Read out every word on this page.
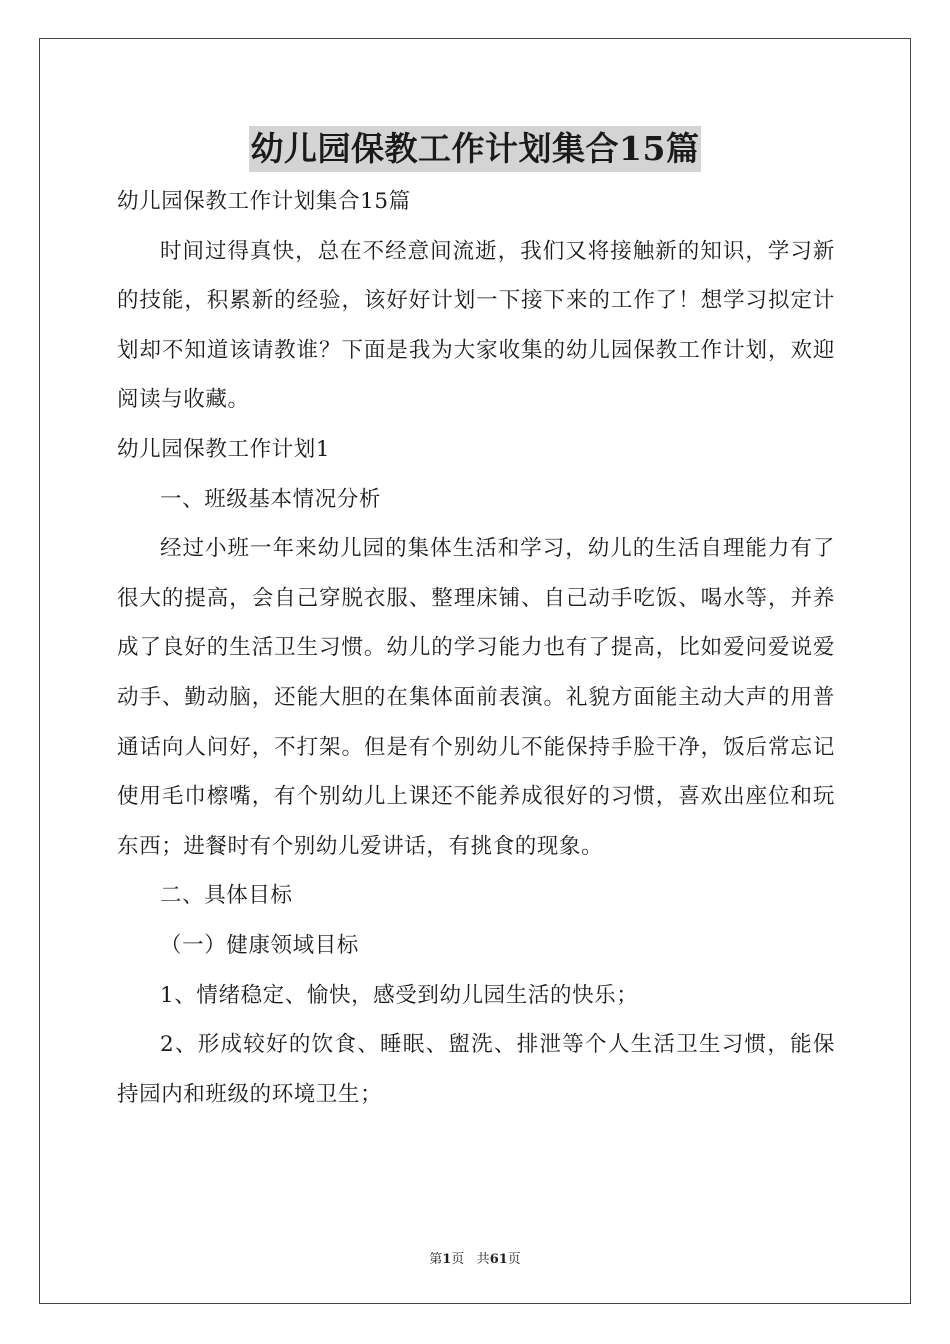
幼儿园保教工作计划集合15篇

幼儿园保教工作计划集合15篇

时间过得真快，总在不经意间流逝，我们又将接触新的知识，学习新的技能，积累新的经验，该好好计划一下接下来的工作了！想学习拟定计划却不知道该请教谁？下面是我为大家收集的幼儿园保教工作计划，欢迎阅读与收藏。

幼儿园保教工作计划1

一、班级基本情况分析

经过小班一年来幼儿园的集体生活和学习，幼儿的生活自理能力有了很大的提高，会自己穿脱衣服、整理床铺、自己动手吃饭、喝水等，并养成了良好的生活卫生习惯。幼儿的学习能力也有了提高，比如爱问爱说爱动手、勤动脑，还能大胆的在集体面前表演。礼貌方面能主动大声的用普通话向人问好，不打架。但是有个别幼儿不能保持手脸干净，饭后常忘记使用毛巾檫嘴，有个别幼儿上课还不能养成很好的习惯，喜欢出座位和玩东西；进餐时有个别幼儿爱讲话，有挑食的现象。

二、具体目标

（一）健康领域目标

1、情绪稳定、愉快，感受到幼儿园生活的快乐；

2、形成较好的饮食、睡眠、盥洗、排泄等个人生活卫生习惯，能保持园内和班级的环境卫生；

第1页 共61页
